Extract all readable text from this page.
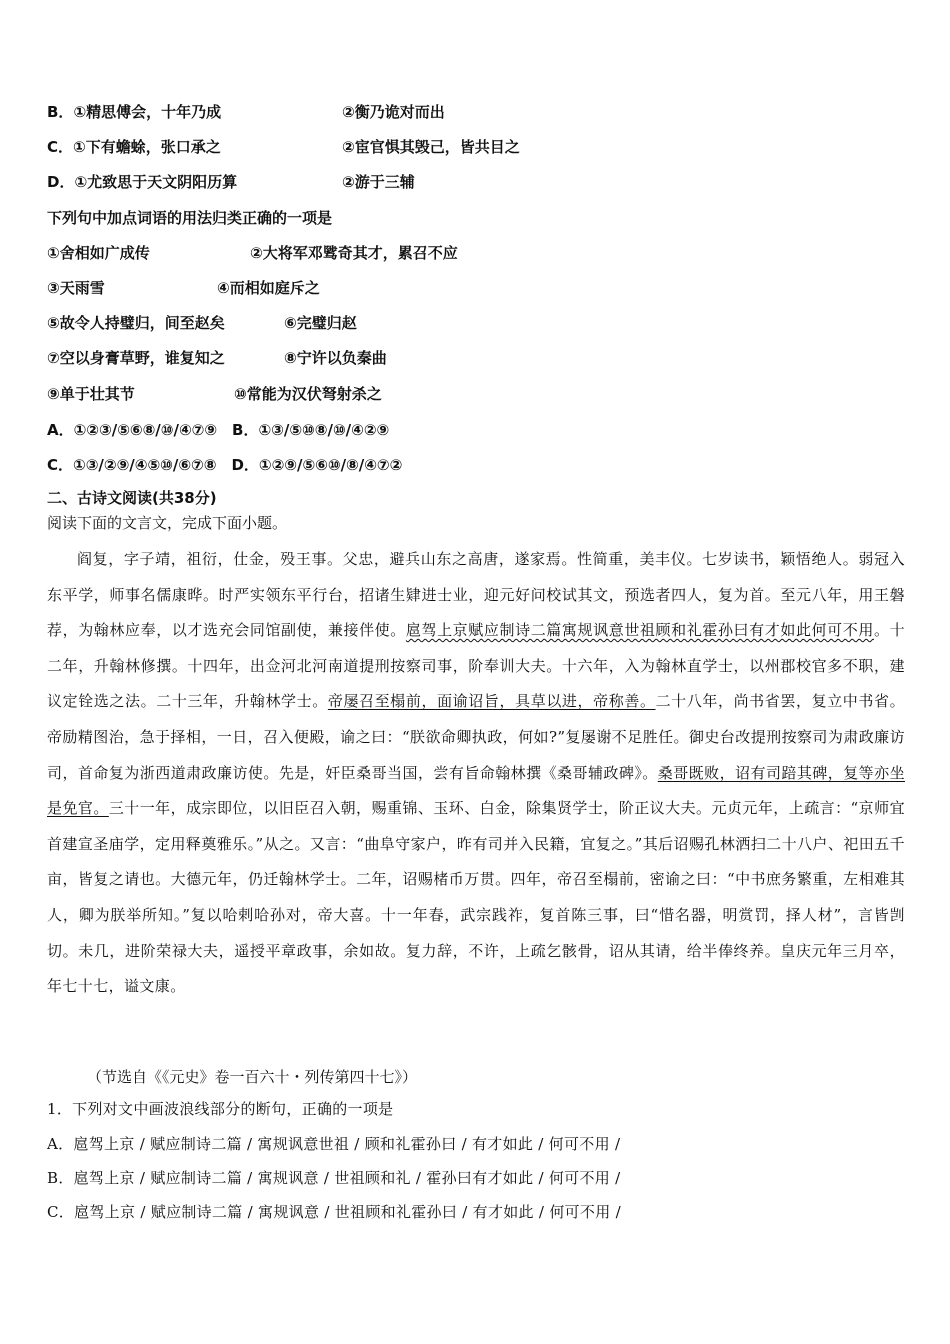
B．①精思傅会，十年乃成	②衡乃诡对而出
C．①下有蟾蜍，张口承之	②宦官惧其毁己，皆共目之
D．①尤致思于天文阴阳历算	②游于三辅
下列句中加点词语的用法归类正确的一项是
①舍相如广成传	②大将军邓骘奇其才，累召不应
③天雨雪	④而相如庭斥之
⑤故令人持璧归，间至赵矣	⑥完璧归赵
⑦空以身膏草野，谁复知之	⑧宁许以负秦曲
⑨单于壮其节	⑩常能为汉伏弩射杀之
A．①②③/⑤⑥⑧/⑩/④⑦⑨　B．①③/⑤⑩⑧/⑩/④②⑨
C．①③/②⑨/④⑤⑩/⑥⑦⑧　D．①②⑨/⑤⑥⑩/⑧/④⑦②
二、古诗文阅读(共38分)
阅读下面的文言文，完成下面小题。

阎复，字子靖，祖衍，仕金，殁王事。父忠，避兵山东之高唐，遂家焉。性简重，美丰仪。七岁读书，颖悟绝人。弱冠入东平学，师事名儒康晔。时严实领东平行台，招诸生肄进士业，迎元好问校试其文，预选者四人，复为首。至元八年，用王磐荐，为翰林应奉，以才选充会同馆副使，兼接伴使。扈驾上京赋应制诗二篇寓规讽意世祖顾和礼霍孙曰有才如此何可不用。十二年，升翰林修撰。十四年，出佥河北河南道提刑按察司事，阶奉训大夫。十六年，入为翰林直学士，以州郡校官多不职，建议定铨选之法。二十三年，升翰林学士。帝屡召至榻前，面谕诏旨，具草以进，帝称善。二十八年，尚书省罢，复立中书省。帝励精图治，急于择相，一日，召入便殿，谕之曰：“朕欲命卿执政，何如?”复屡谢不足胜任。御史台改提刑按察司为肃政廉访司，首命复为浙西道肃政廉访使。先是，奸臣桑哥当国，尝有旨命翰林撰《桑哥辅政碑》。桑哥既败，诏有司踣其碑，复等亦坐是免官。三十一年，成宗即位，以旧臣召入朝，赐重锦、玉环、白金，除集贤学士，阶正议大夫。元贞元年，上疏言：“京师宜首建宣圣庙学，定用释奠雅乐。”从之。又言：“曲阜守家户，昨有司并入民籍，宜复之。”其后诏赐孔林洒扫二十八户、祀田五千亩，皆复之请也。大德元年，仍迁翰林学士。二年，诏赐楮币万贯。四年，帝召至榻前，密谕之曰：“中书庶务繁重，左相难其人，卿为朕举所知。”复以哈剌哈孙对，帝大喜。十一年春，武宗践祚，复首陈三事，曰“惜名器，明赏罚，择人材”，言皆剀切。未几，进阶荣禄大夫，遥授平章政事，余如故。复力辞，不许，上疏乞骸骨，诏从其请，给半俸终养。皇庆元年三月卒，年七十七，谥文康。

（节选自《《元史》卷一百六十・列传第四十七》）
1．下列对文中画波浪线部分的断句，正确的一项是
A．扈驾上京 / 赋应制诗二篇 / 寓规讽意世祖 / 顾和礼霍孙曰 / 有才如此 / 何可不用 /
B．扈驾上京 / 赋应制诗二篇 / 寓规讽意 / 世祖顾和礼 / 霍孙曰有才如此 / 何可不用 /
C．扈驾上京 / 赋应制诗二篇 / 寓规讽意 / 世祖顾和礼霍孙曰 / 有才如此 / 何可不用 /
